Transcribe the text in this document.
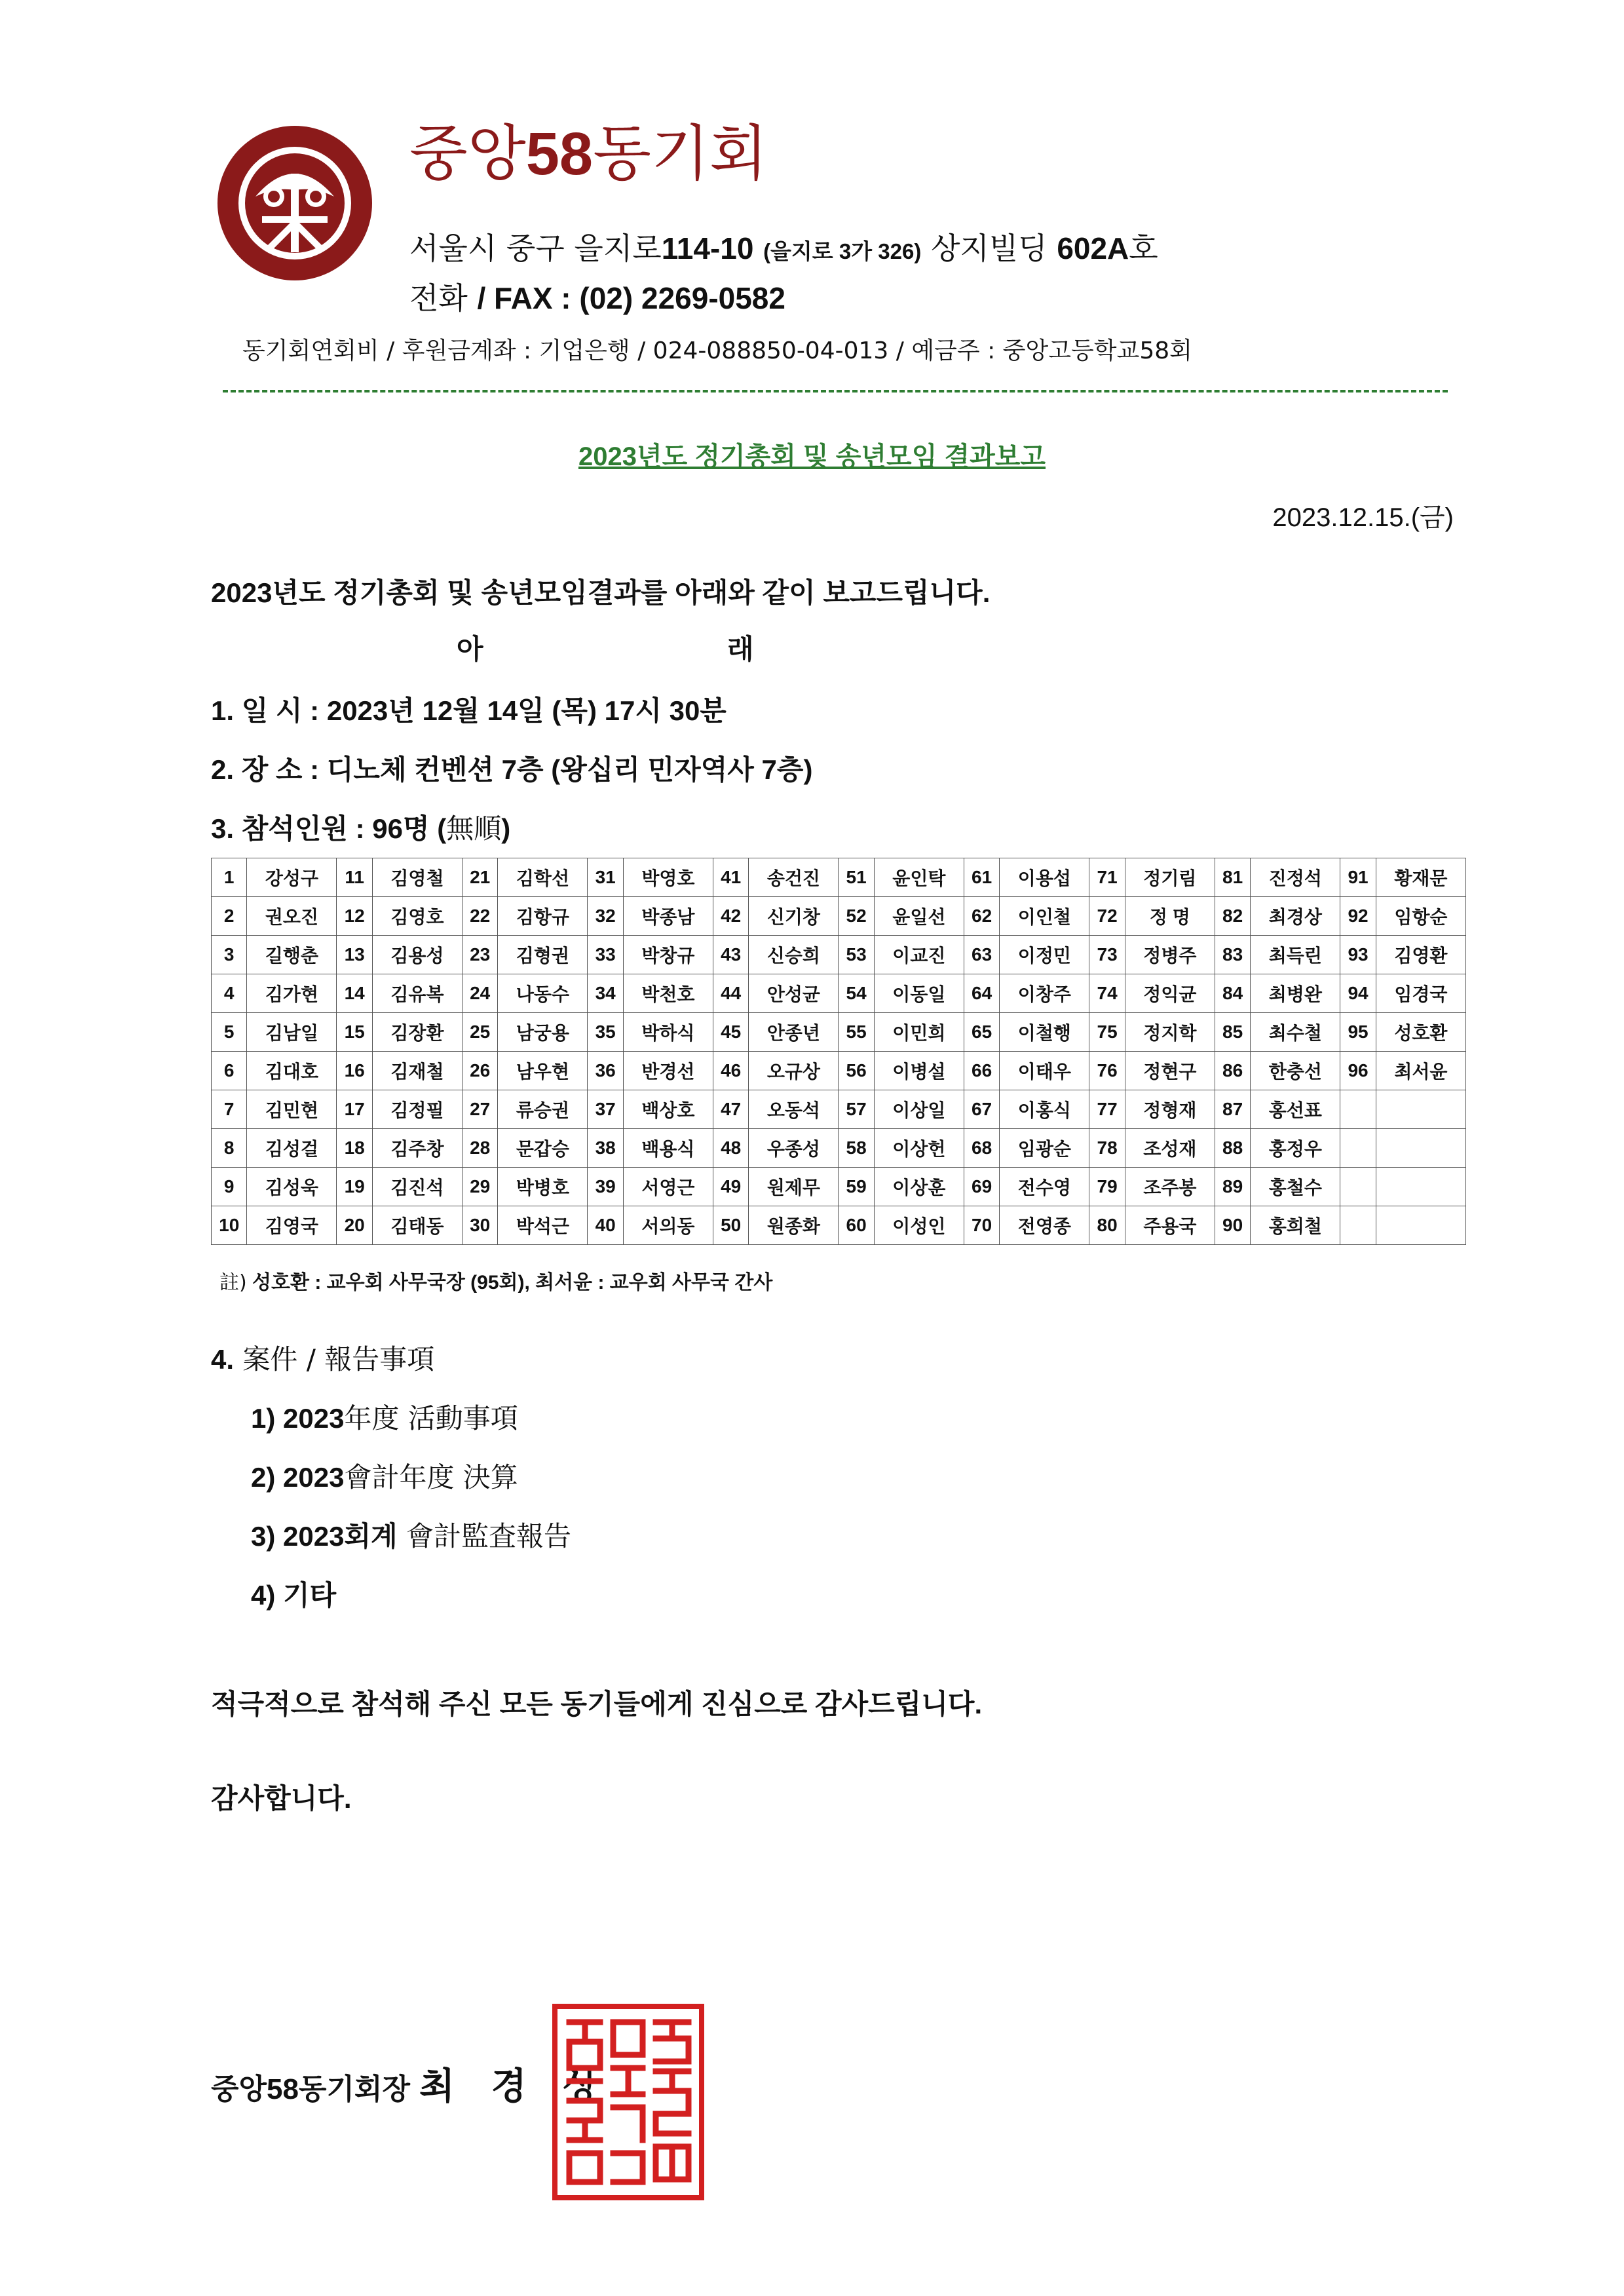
중앙58동기회
서울시 중구 을지로114-10 (을지로 3가 326) 상지빌딩 602A호
전화 / FAX : (02) 2269-0582
동기회연회비 / 후원금계좌 : 기업은행 / 024-088850-04-013 / 예금주 : 중앙고등학교58회
2023년도 정기총회 및 송년모임 결과보고
2023.12.15.(금)
2023년도 정기총회 및 송년모임결과를 아래와 같이 보고드립니다.
아	래
1. 일 시 : 2023년 12월 14일 (목) 17시 30분
2. 장 소 : 디노체 컨벤션 7층 (왕십리 민자역사 7층)
3. 참석인원 : 96명 (無順)
1	강성구	11	김영철	21	김학선	31	박영호	41	송건진	51	윤인탁	61	이용섭	71	정기림	81	진정석	91	황재문
2	권오진	12	김영호	22	김항규	32	박종남	42	신기창	52	윤일선	62	이인철	72	정 명	82	최경상	92	임항순
3	길행춘	13	김용성	23	김형권	33	박창규	43	신승희	53	이교진	63	이정민	73	정병주	83	최득린	93	김영환
4	김가현	14	김유복	24	나동수	34	박천호	44	안성균	54	이동일	64	이창주	74	정익균	84	최병완	94	임경국
5	김남일	15	김장환	25	남궁용	35	박하식	45	안종년	55	이민희	65	이철행	75	정지학	85	최수철	95	성호환
6	김대호	16	김재철	26	남우현	36	반경선	46	오규상	56	이병설	66	이태우	76	정현구	86	한충선	96	최서윤
7	김민현	17	김정필	27	류승권	37	백상호	47	오동석	57	이상일	67	이홍식	77	정형재	87	홍선표		
8	김성걸	18	김주창	28	문갑승	38	백용식	48	우종성	58	이상헌	68	임광순	78	조성재	88	홍정우		
9	김성욱	19	김진석	29	박병호	39	서영근	49	원제무	59	이상훈	69	전수영	79	조주봉	89	홍철수		
10	김영국	20	김태동	30	박석근	40	서의동	50	원종화	60	이성인	70	전영종	80	주용국	90	홍희철		
註) 성호환 : 교우회 사무국장 (95회), 최서윤 : 교우회 사무국 간사
4. 案件 / 報告事項
1) 2023年度 活動事項
2) 2023會計年度 決算
3) 2023회계 會計監査報告
4) 기타
적극적으로 참석해 주신 모든 동기들에게 진심으로 감사드립니다.
감사합니다.
중앙58동기회장 최 경 상
